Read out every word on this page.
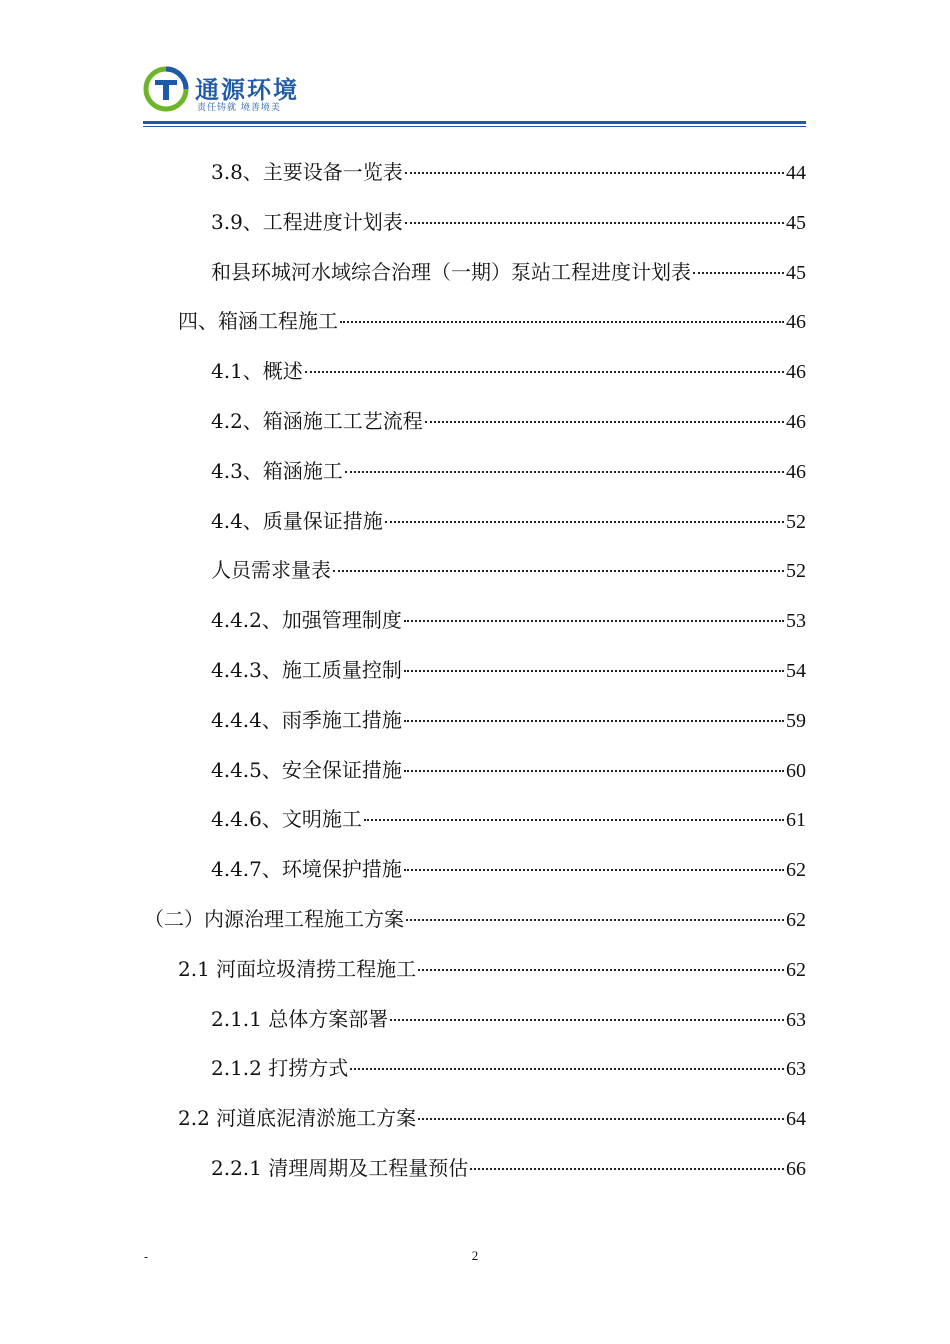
通源环境
责任铸就 境善境美
3.8、主要设备一览表	44
3.9、工程进度计划表	45
和县环城河水域综合治理（一期）泵站工程进度计划表	45
四、箱涵工程施工	46
4.1、概述	46
4.2、箱涵施工工艺流程	46
4.3、箱涵施工	46
4.4、质量保证措施	52
人员需求量表	52
4.4.2、加强管理制度	53
4.4.3、施工质量控制	54
4.4.4、雨季施工措施	59
4.4.5、安全保证措施	60
4.4.6、文明施工	61
4.4.7、环境保护措施	62
（二）内源治理工程施工方案	62
2.1 河面垃圾清捞工程施工	62
2.1.1 总体方案部署	63
2.1.2 打捞方式	63
2.2 河道底泥清淤施工方案	64
2.2.1 清理周期及工程量预估	66
-	2
